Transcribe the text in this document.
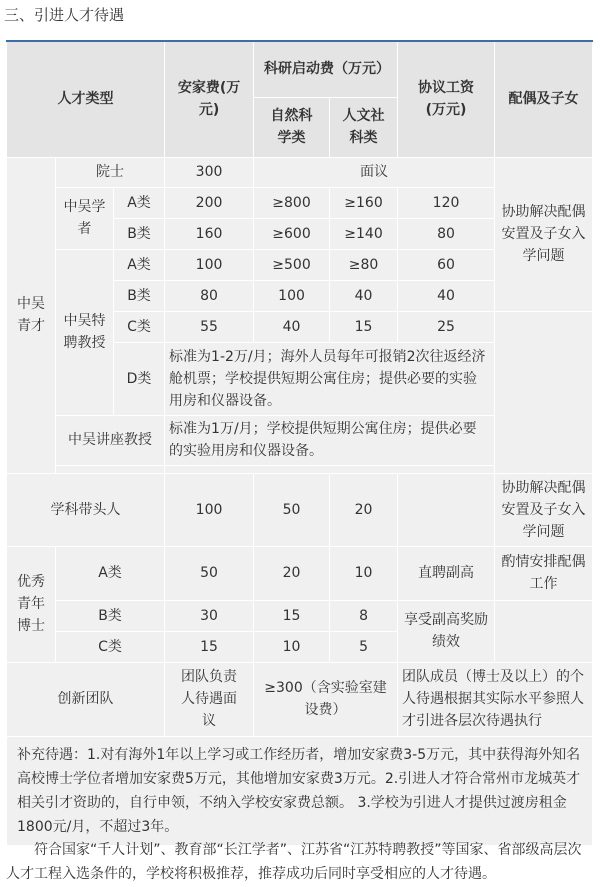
三、引进人才待遇
人才类型			安家费(万元)	科研启动费（万元）		协议工资(万元)	配偶及子女
				自然科学类	人文社科类		
中吴青才	院士		300	面议			协助解决配偶安置及子女入学问题
	中吴学者	A类	200	≥800	≥160	120	
		B类	160	≥600	≥140	80	
	中吴特聘教授	A类	100	≥500	≥80	60	
		B类	80	100	40	40	
		C类	55	40	15	25	
		D类	标准为1-2万/月；海外人员每年可报销2次往返经济舱机票；学校提供短期公寓住房；提供必要的实验用房和仪器设备。				
	中吴讲座教授		标准为1万/月；学校提供短期公寓住房；提供必要的实验用房和仪器设备。				

学科带头人			100	50	20		协助解决配偶安置及子女入学问题
优秀青年博士	A类		50	20	10	直聘副高	酌情安排配偶工作
	B类		30	15	8	享受副高奖励绩效	
	C类		15	10	5		
创新团队			团队负责人待遇面议	≥300（含实验室建设费）		团队成员（博士及以上）的个人待遇根据其实际水平参照人才引进各层次待遇执行	
补充待遇：1.对有海外1年以上学习或工作经历者，增加安家费3-5万元，其中获得海外知名高校博士学位者增加安家费5万元，其他增加安家费3万元。2.引进人才符合常州市龙城英才相关引才资助的，自行申领，不纳入学校安家费总额。 3.学校为引进人才提供过渡房租金1800元/月，不超过3年。							
符合国家“千人计划”、教育部“长江学者”、江苏省“江苏特聘教授”等国家、省部级高层次人才工程入选条件的，学校将积极推荐，推荐成功后同时享受相应的人才待遇。
